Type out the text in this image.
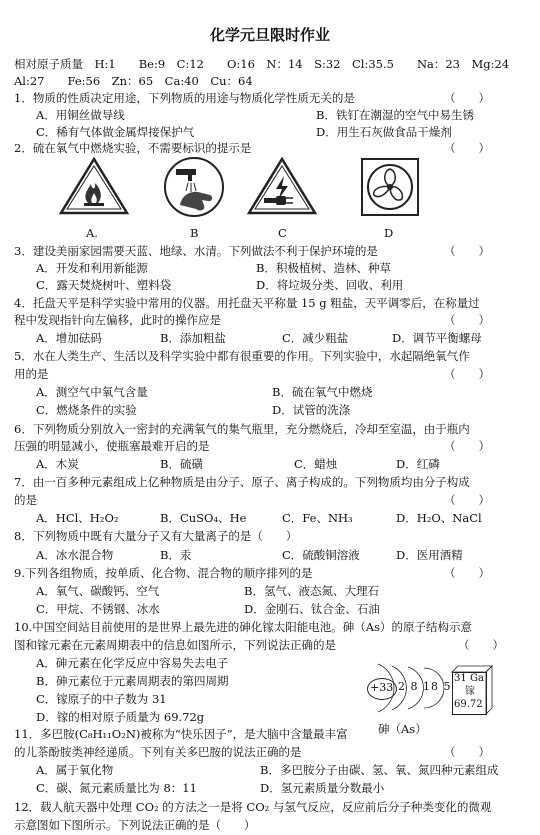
化学元旦限时作业
相对原子质量　H:1　　Be:9　C:12　　O:16　N：14　S:32　Cl:35.5　　Na：23　Mg:24
Al:27　　Fe:56　Zn：65　Ca:40　Cu：64
1．物质的性质决定用途，下列物质的用途与物质化学性质无关的是	（　　）
A．用铜丝做导线	B．铁钉在潮湿的空气中易生锈
C．稀有气体做金属焊接保护气	D．用生石灰做食品干燥剂
2．硫在氧气中燃烧实验，不需要标识的提示是	（　　）
A.	B	C	D
3．建设美丽家园需要天蓝、地绿、水清。下列做法不利于保护环境的是	（　　）
A．开发和利用新能源	B．积极植树、造林、种草
C．露天焚烧树叶、塑料袋	D．将垃圾分类、回收、利用
4．托盘天平是科学实验中常用的仪器。用托盘天平称量 15 g 粗盐，天平调零后，在称量过
程中发现指针向左偏移，此时的操作应是	（　　）
A．增加砝码	B．添加粗盐	C．减少粗盐	D．调节平衡螺母
5．水在人类生产、生活以及科学实验中都有很重要的作用。下列实验中，水起隔绝氧气作
用的是	（　　）
A．测空气中氧气含量	B．硫在氧气中燃烧
C．燃烧条件的实验	D．试管的洗涤
6．下列物质分别放入一密封的充满氧气的集气瓶里，充分燃烧后，冷却至室温，由于瓶内
压强的明显减小，使瓶塞最难开启的是	（　　）
A．木炭	B．硫磺	C．蜡烛	D．红磷
7．由一百多种元素组成上亿种物质是由分子、原子、离子构成的。下列物质均由分子构成
的是	（　　）
A．HCl、H₂O₂	B．CuSO₄、He	C．Fe、NH₃	D．H₂O、NaCl
8．下列物质中既有大量分子又有大量离子的是（　　）
A．冰水混合物	B．汞	C．硫酸铜溶液	D．医用酒精
9.下列各组物质，按单质、化合物、混合物的顺序排列的是	（　　）
A．氧气、碳酸钙、空气	B．氢气、液态氮、大理石
C．甲烷、不锈钢、冰水	D．金刚石、钛合金、石油
10.中国空间站目前使用的是世界上最先进的砷化镓太阳能电池。砷（As）的原子结构示意
图和镓元素在元素周期表中的信息如图所示，下列说法正确的是	（　　）
A．砷元素在化学反应中容易失去电子
B．砷元素位于元素周期表的第四周期
C．镓原子的中子数为 31
D．镓的相对原子质量为 69.72g
+33 2 8 18 5
砷（As）
31 Ga
镓
69.72
11．多巴胺(C₈H₁₁O₂N)被称为“快乐因子”，是大脑中含量最丰富
的儿茶酚胺类神经递质。下列有关多巴胺的说法正确的是	（　　）
A．属于氧化物	B．多巴胺分子由碳、氢、氧、氮四种元素组成
C．碳、氮元素质量比为 8：11	D．氢元素质量分数最小
12．载人航天器中处理 CO₂ 的方法之一是将 CO₂ 与氢气反应，反应前后分子种类变化的微观
示意图如下图所示。下列说法正确的是（　　）
